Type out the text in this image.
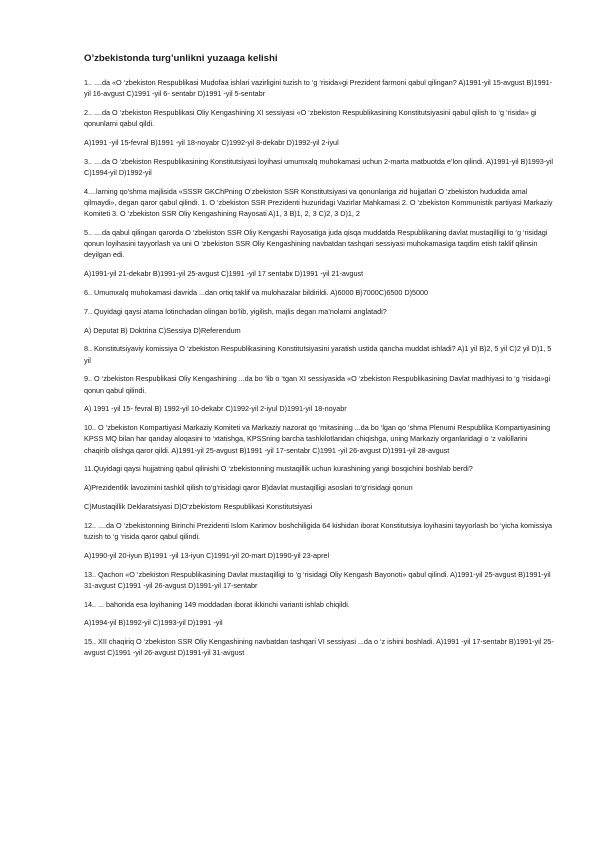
O’zbekistonda turg’unlikni yuzaaga kelishi

1.. ....da «O ‘zbekiston Respublikasi Mudofaa ishlari vazirligini tuzish to ‘g ‘risida»gi Prezident farmoni qabul qilingan? A)1991-yil 15-avgust B)1991-yil 16-avgust C)1991 -yil 6- sentabr D)1991 -yil 5-sentabr

2.. ....da O ‘zbekiston Respublikasi Oliy Kengashining XI sessiyasi «O ‘zbekiston Respublikasining Konstitutsiyasini qabul qilish to ‘g ‘risida» gi qonunlarni qabul qildi.

A)1991 -yil 15-fevral B)1991 -yil 18-noyabr C)1992-yil 8-dekabr D)1992-yil 2-iyul

3.. ....da O ‘zbekiston Respublikasining Konstitutsiyasi loyihasi umumxalq muhokamasi uchun 2-marta matbuotda e’lon qilindi. A)1991-yil B)1993-yil C)1994-yil D)1992-yil

4....larning qo’shma majlisida «SSSR GKChPning O‘zbekiston SSR Konstitutsiyasi va qonunlariga zid hujjatlari O ‘zbekiston hududida amal qilmaydi», degan qaror qabul qilindi. 1. O ‘zbekiston SSR Prezidenti huzuridagi Vazirlar Mahkamasi 2. O ‘zbekiston Kommunistik partiyasi Markaziy Komiteti 3. O ‘zbekiston SSR Oliy Kengashining Rayosati A)1, 3 B)1, 2, 3 C)2, 3 D)1, 2

5.. ....da qabul qilingan qarorda O ‘zbekiston SSR Oliy Kengashi Rayosatiga juda qisqa muddatda Respublikaning davlat mustaqilligi to ‘g ‘risidagi qonun loyihasini tayyorlash va uni O ‘zbekiston SSR Oliy Kengashining navbatdan tashqari sessiyasi muhokamasiga taqdim etish taklif qilinsin deyilgan edi.

A)1991-yil 21-dekabr B)1991-yil 25-avgust C)1991 -yil 17 sentabк D)1991 -yil 21-avgust

6.. Umumxalq muhokamasi davrida ...dan ortiq taklif va mulohazalar bildirildi. A)6000 B)7000C)6500 D)5000

7.. Quyidagi qaysi atama lotinchadan olingan bo‘lib, yigilish, majlis degan ma’nolarni anglatadi?

A) Deputat B) Doktrina C)Sessiya D)Referendum

8.. Konstitutsiyaviy komissiya O ‘zbekiston Respublikasining Konstitutsiyasini yaratish ustida qancha muddat ishladi? A)1 yil B)2, 5 yil C)2 yil D)1, 5 yil

9.. O ‘zbekiston Respublikasi Oliy Kengashining ...da bo ‘lib o ‘tgan XI sessiyasida «O ‘zbekiston Respublikasining Davlat madhiyasi to ‘g ‘risida»gi qonun qabul qilindi.

A) 1991 -yil 15- fevral B) 1992-yil 10-dekabr C)1992-yil 2-iyul D)1991-yil 18-noyabr

10.. O ‘zbekiston Kompartiyasi Markaziy Komiteti va Markaziy nazorat qo ‘mitasining ...da bo ‘lgan qo ‘shma Plenumi Respublika Kompartiyasining KPSS MQ bilan har qanday aloqasini to ‘xtatishga, KPSSning barcha tashkilotlaridan chiqishga, uning Markaziy organlaridagi o ‘z vakillarini chaqirib olishga qaror qildi. A)1991-yil 25-avgust B)1991 -yil 17-sentabr C)1991 -yil 26-avgust D)1991-yil 28-avgust

11.Quyidagi qaysi hujjatning qabul qilinishi O ‘zbekistonning mustaqillik uchun kurashining yangi bosqichini boshlab berdi?

A)Prezidentlik lavozimini tashkil qilish to‘g‘risidagi qaror B)davlat mustaqilligi asoslari to‘g‘risidagi qonun

C)Mustaqillik Deklaratsiyasi D)O‘zbekistom Respublikasi Konstitutsiyasi

12.. ....da O ‘zbekistonning Birinchi Prezidenti Islom Karimov boshchiligida 64 kishidan iborat Konstitutsiya loyihasini tayyorlash bo ‘yicha komissiya tuzish to ‘g ‘risida qaror qabul qilindi.

A)1990-yil 20-iyun B)1991 -yil 13-iyun C)1991-yil 20-mart D)1990-yil 23-aprel

13.. Qachon «O ‘zbekiston Respublikasining Davlat mustaqilligi to ‘g ‘risidagi Oliy Kengash Bayonoti» qabul qilindi. A)1991-yil 25-avgust B)1991-yil 31-avgust C)1991 -yil 26-avgust D)1991-yil 17-sentabr

14.. ... bahorida esa loyihaning 149 moddadan iborat ikkinchi varianti ishlab chiqildi.

A)1994-yil B)1992-yil C)1993-yil D)1991 -yil

15.. XII chaqiriq O ‘zbekiston SSR Oliy Kengashining navbatdan tashqari VI sessiyasi ...da o ‘z ishini boshladi. A)1991 -yil 17-sentabr B)1991-yil 25-avgust C)1991 -yil 26-avgust D)1991-yil 31-avgust
